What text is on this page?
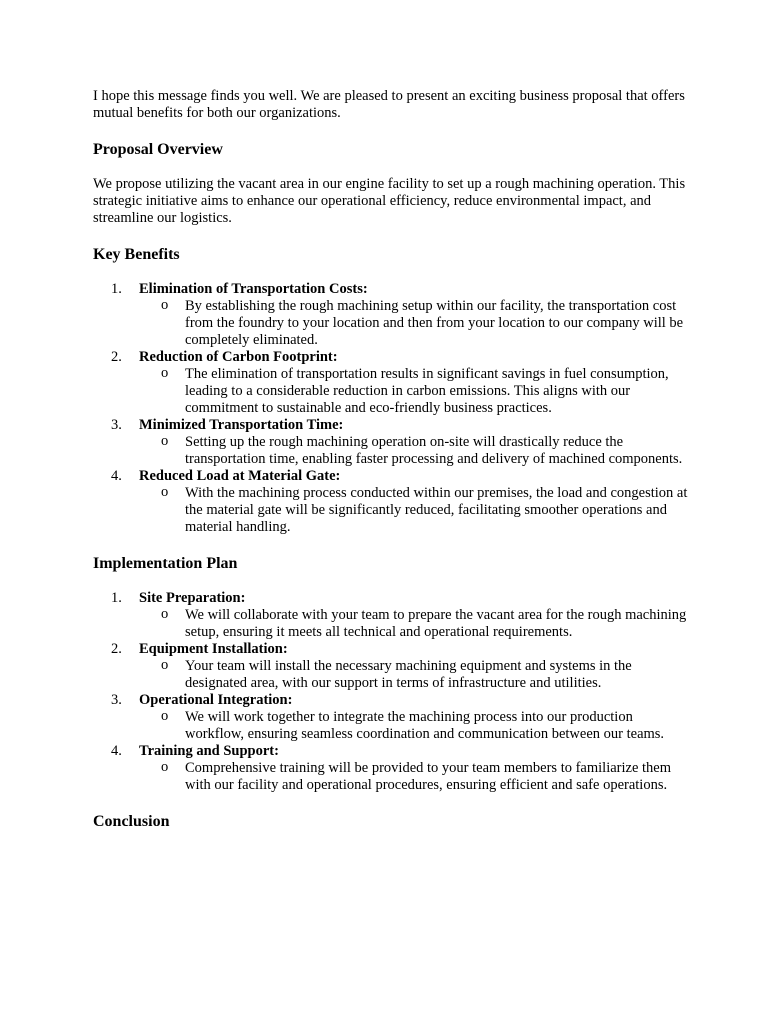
I hope this message finds you well. We are pleased to present an exciting business proposal that offers mutual benefits for both our organizations.

Proposal Overview

We propose utilizing the vacant area in our engine facility to set up a rough machining operation. This strategic initiative aims to enhance our operational efficiency, reduce environmental impact, and streamline our logistics.

Key Benefits
1.	Elimination of Transportation Costs:
o By establishing the rough machining setup within our facility, the transportation cost from the foundry to your location and then from your location to our company will be completely eliminated.
2.	Reduction of Carbon Footprint:
o The elimination of transportation results in significant savings in fuel consumption, leading to a considerable reduction in carbon emissions. This aligns with our commitment to sustainable and eco-friendly business practices.
3.	Minimized Transportation Time:
o Setting up the rough machining operation on-site will drastically reduce the transportation time, enabling faster processing and delivery of machined components.
4.	Reduced Load at Material Gate:
o With the machining process conducted within our premises, the load and congestion at the material gate will be significantly reduced, facilitating smoother operations and material handling.
Implementation Plan
1.	Site Preparation:
o We will collaborate with your team to prepare the vacant area for the rough machining setup, ensuring it meets all technical and operational requirements.
2.	Equipment Installation:
o Your team will install the necessary machining equipment and systems in the designated area, with our support in terms of infrastructure and utilities.
3.	Operational Integration:
o We will work together to integrate the machining process into our production workflow, ensuring seamless coordination and communication between our teams.
4.	Training and Support:
o Comprehensive training will be provided to your team members to familiarize them with our facility and operational procedures, ensuring efficient and safe operations.
Conclusion
